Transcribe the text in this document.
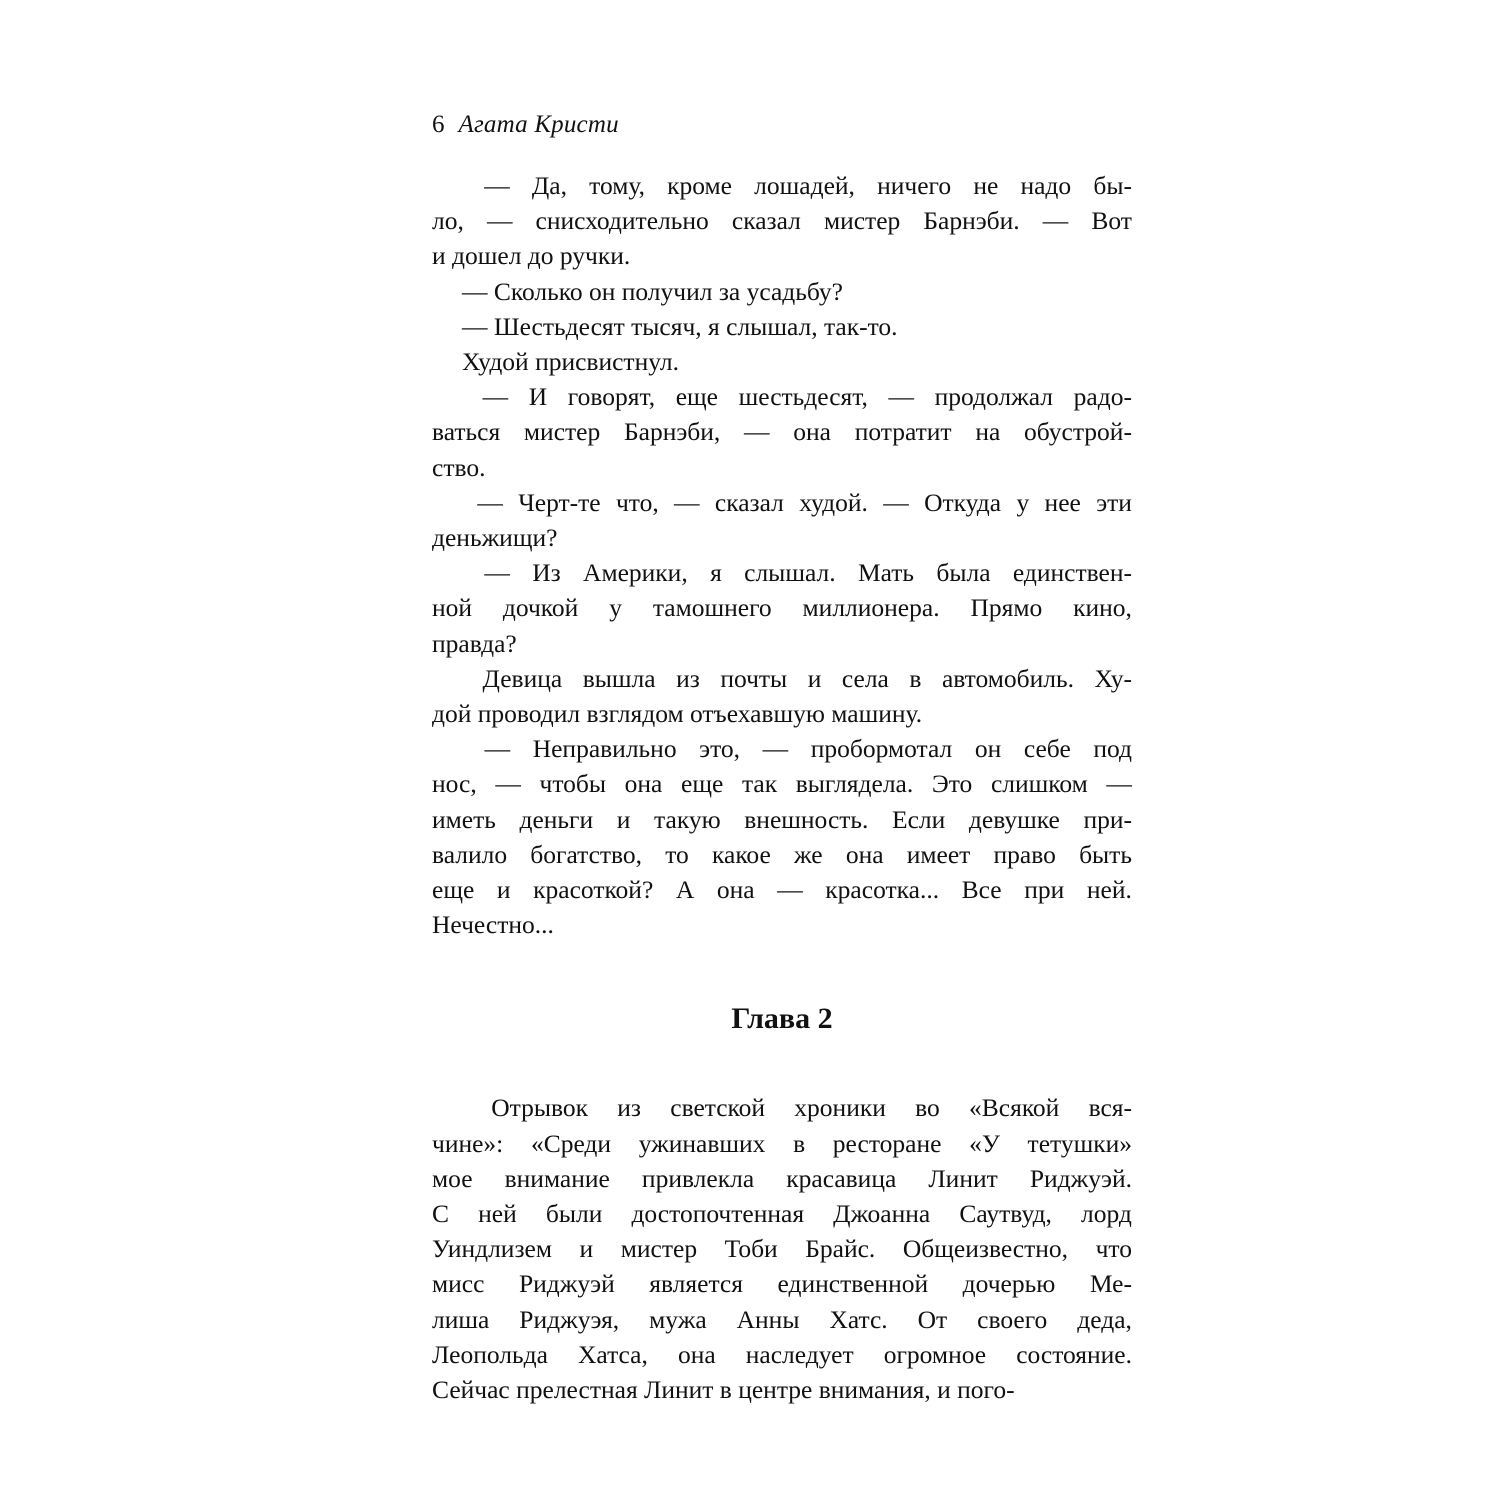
6 Агата Кристи

— Да, тому, кроме лошадей, ничего не надо бы-
ло, — снисходительно сказал мистер Барнэби. — Вот
и дошел до ручки.

— Сколько он получил за усадьбу?

— Шестьдесят тысяч, я слышал, так-то.

Худой присвистнул.

— И говорят, еще шестьдесят, — продолжал радо-
ваться мистер Барнэби, — она потратит на обустрой-
ство.

— Черт-те что, — сказал худой. — Откуда у нее эти
деньжищи?

— Из Америки, я слышал. Мать была единствен-
ной дочкой у тамошнего миллионера. Прямо кино,
правда?

Девица вышла из почты и села в автомобиль. Ху-
дой проводил взглядом отъехавшую машину.

— Неправильно это, — пробормотал он себе под
нос, — чтобы она еще так выглядела. Это слишком —
иметь деньги и такую внешность. Если девушке при-
валило богатство, то какое же она имеет право быть
еще и красоткой? А она — красотка... Все при ней.
Нечестно...

Глава 2

Отрывок из светской хроники во «Всякой вся-
чине»: «Среди ужинавших в ресторане «У тетушки»
мое внимание привлекла красавица Линит Риджуэй.
С ней были достопочтенная Джоанна Саутвуд, лорд
Уиндлизем и мистер Тоби Брайс. Общеизвестно, что
мисс Риджуэй является единственной дочерью Ме-
лиша Риджуэя, мужа Анны Хатс. От своего деда,
Леопольда Хатса, она наследует огромное состояние.
Сейчас прелестная Линит в центре внимания, и пого-
